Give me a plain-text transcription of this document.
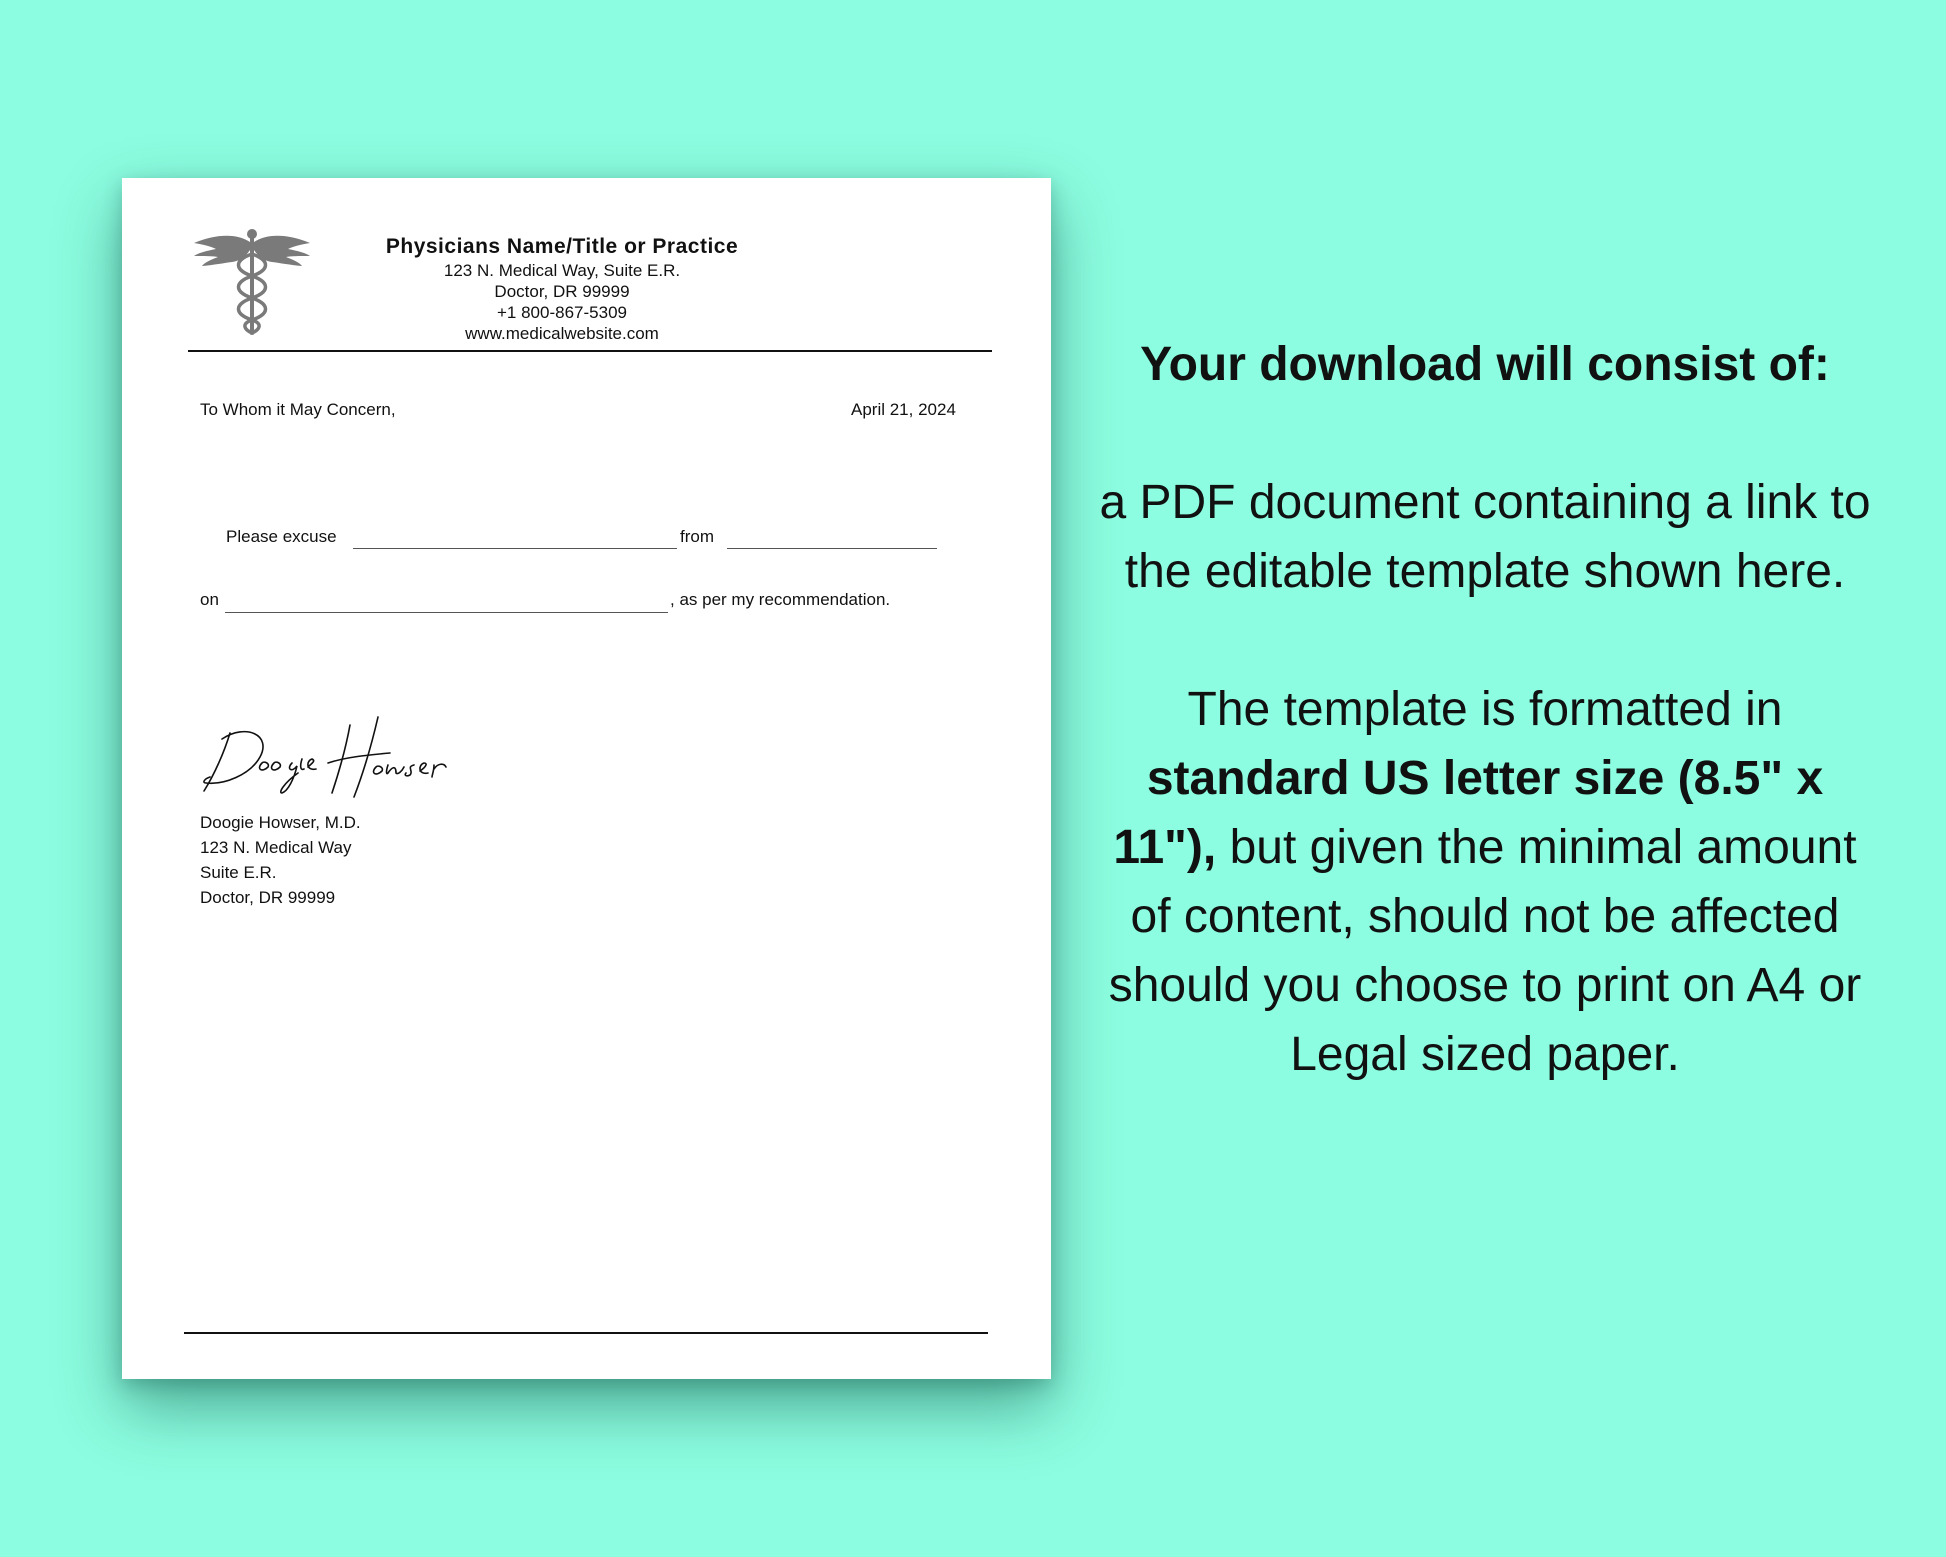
Physicians Name/Title or Practice
123 N. Medical Way, Suite E.R.
Doctor, DR 99999
+1 800-867-5309
www.medicalwebsite.com
To Whom it May Concern,	April 21, 2024
Please excuse	from
on	, as per my recommendation.
Doogie Howser, M.D.
123 N. Medical Way
Suite E.R.
Doctor, DR 99999
Your download will consist of:
a PDF document containing a link to the editable template shown here.
The template is formatted in standard US letter size (8.5" x 11"), but given the minimal amount of content, should not be affected should you choose to print on A4 or Legal sized paper.
